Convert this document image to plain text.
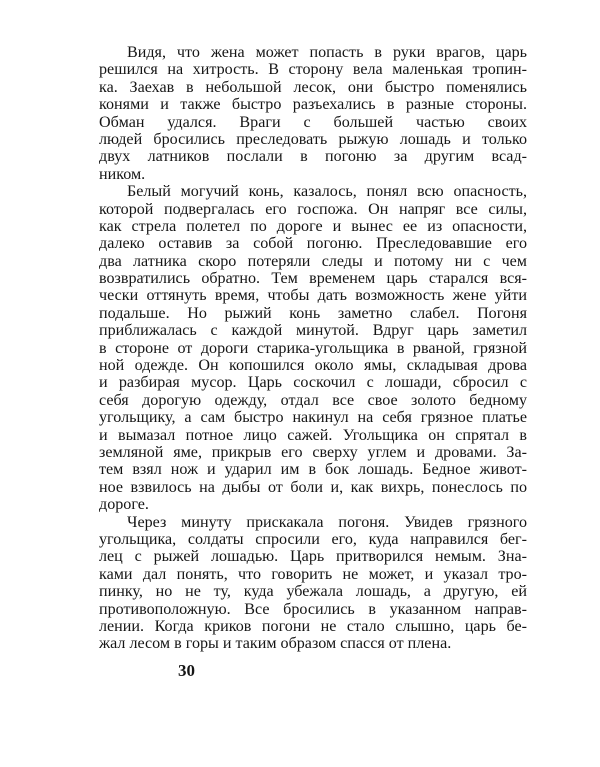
Видя, что жена может попасть в руки врагов, царь
решился на хитрость. В сторону вела маленькая тропин-
ка. Заехав в небольшой лесок, они быстро поменялись
конями и также быстро разъехались в разные стороны.
Обман удался. Враги с большей частью своих
людей бросились преследовать рыжую лошадь и только
двух латников послали в погоню за другим всад-
ником.
Белый могучий конь, казалось, понял всю опасность,
которой подвергалась его госпожа. Он напряг все силы,
как стрела полетел по дороге и вынес ее из опасности,
далеко оставив за собой погоню. Преследовавшие его
два латника скоро потеряли следы и потому ни с чем
возвратились обратно. Тем временем царь старался вся-
чески оттянуть время, чтобы дать возможность жене уйти
подальше. Но рыжий конь заметно слабел. Погоня
приближалась с каждой минутой. Вдруг царь заметил
в стороне от дороги старика-угольщика в рваной, грязной
ной одежде. Он копошился около ямы, складывая дрова
и разбирая мусор. Царь соскочил с лошади, сбросил с
себя дорогую одежду, отдал все свое золото бедному
угольщику, а сам быстро накинул на себя грязное платье
и вымазал потное лицо сажей. Угольщика он спрятал в
земляной яме, прикрыв его сверху углем и дровами. За-
тем взял нож и ударил им в бок лошадь. Бедное живот-
ное взвилось на дыбы от боли и, как вихрь, понеслось по
дороге.
Через минуту прискакала погоня. Увидев грязного
угольщика, солдаты спросили его, куда направился бег-
лец с рыжей лошадью. Царь притворился немым. Зна-
ками дал понять, что говорить не может, и указал тро-
пинку, но не ту, куда убежала лошадь, а другую, ей
противоположную. Все бросились в указанном направ-
лении. Когда криков погони не стало слышно, царь бе-
жал лесом в горы и таким образом спасся от плена.
30
